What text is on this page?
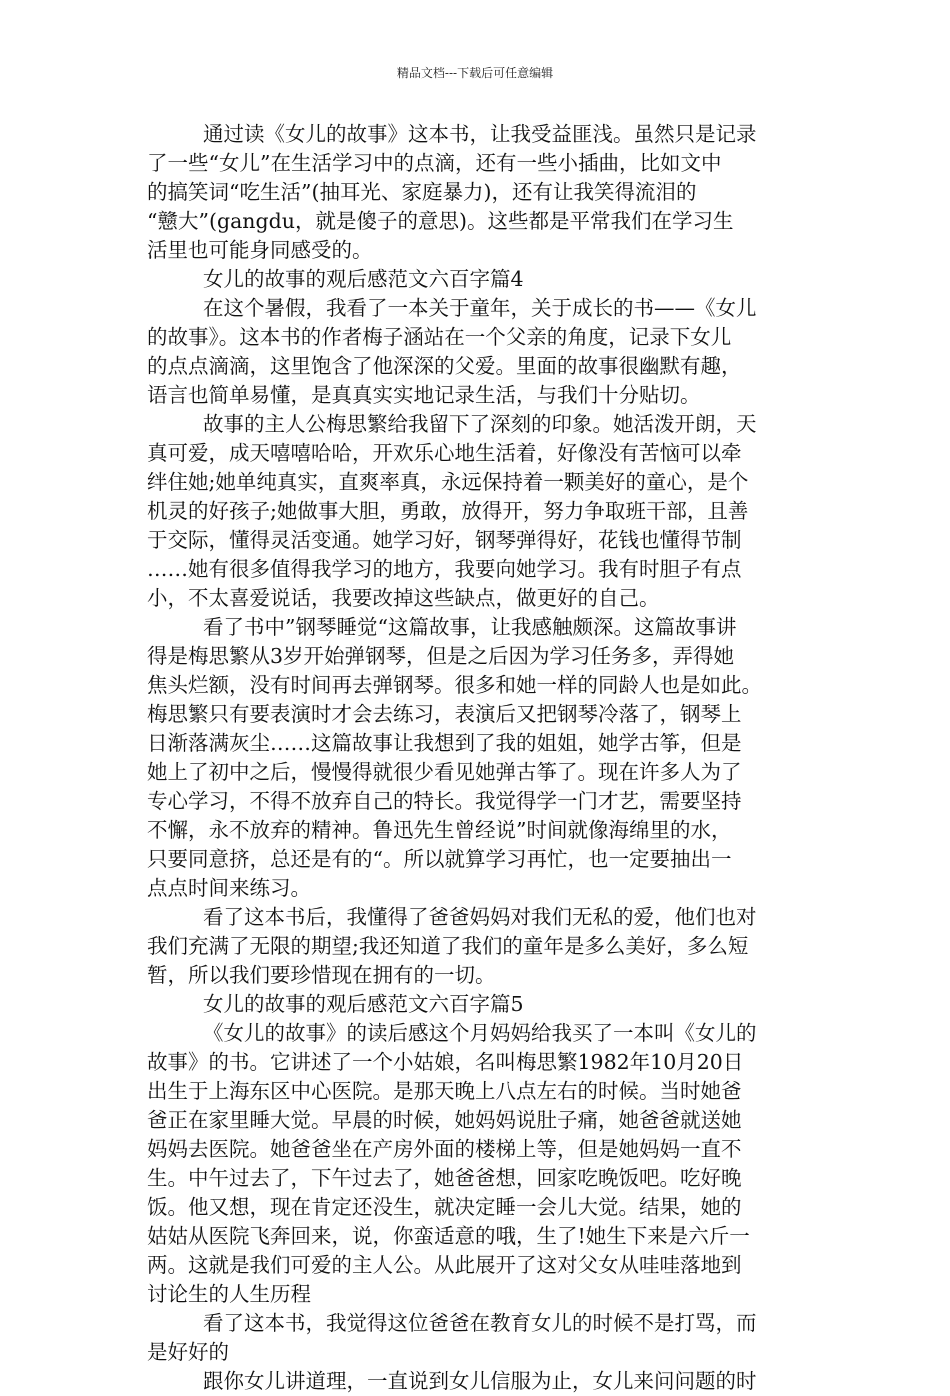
精品文档---下载后可任意编辑
通过读《女儿的故事》这本书，让我受益匪浅。虽然只是记录
了一些“女儿”在生活学习中的点滴，还有一些小插曲，比如文中
的搞笑词“吃生活”(抽耳光、家庭暴力)，还有让我笑得流泪的
“戆大”(gangdu，就是傻子的意思)。这些都是平常我们在学习生
活里也可能身同感受的。
女儿的故事的观后感范文六百字篇4
在这个暑假，我看了一本关于童年，关于成长的书——《女儿
的故事》。这本书的作者梅子涵站在一个父亲的角度，记录下女儿
的点点滴滴，这里饱含了他深深的父爱。里面的故事很幽默有趣，
语言也简单易懂，是真真实实地记录生活，与我们十分贴切。
故事的主人公梅思繁给我留下了深刻的印象。她活泼开朗，天
真可爱，成天嘻嘻哈哈，开欢乐心地生活着，好像没有苦恼可以牵
绊住她;她单纯真实，直爽率真，永远保持着一颗美好的童心，是个
机灵的好孩子;她做事大胆，勇敢，放得开，努力争取班干部，且善
于交际，懂得灵活变通。她学习好，钢琴弹得好，花钱也懂得节制
……她有很多值得我学习的地方，我要向她学习。我有时胆子有点
小，不太喜爱说话，我要改掉这些缺点，做更好的自己。
看了书中”钢琴睡觉“这篇故事，让我感触颇深。这篇故事讲
得是梅思繁从3岁开始弹钢琴，但是之后因为学习任务多，弄得她
焦头烂额，没有时间再去弹钢琴。很多和她一样的同龄人也是如此。
梅思繁只有要表演时才会去练习，表演后又把钢琴冷落了，钢琴上
日渐落满灰尘……这篇故事让我想到了我的姐姐，她学古筝，但是
她上了初中之后，慢慢得就很少看见她弹古筝了。现在许多人为了
专心学习，不得不放弃自己的特长。我觉得学一门才艺，需要坚持
不懈，永不放弃的精神。鲁迅先生曾经说”时间就像海绵里的水，
只要同意挤，总还是有的“。所以就算学习再忙，也一定要抽出一
点点时间来练习。
看了这本书后，我懂得了爸爸妈妈对我们无私的爱，他们也对
我们充满了无限的期望;我还知道了我们的童年是多么美好，多么短
暂，所以我们要珍惜现在拥有的一切。
女儿的故事的观后感范文六百字篇5
《女儿的故事》的读后感这个月妈妈给我买了一本叫《女儿的
故事》的书。它讲述了一个小姑娘，名叫梅思繁1982年10月20日
出生于上海东区中心医院。是那天晚上八点左右的时候。当时她爸
爸正在家里睡大觉。早晨的时候，她妈妈说肚子痛，她爸爸就送她
妈妈去医院。她爸爸坐在产房外面的楼梯上等，但是她妈妈一直不
生。中午过去了，下午过去了，她爸爸想，回家吃晚饭吧。吃好晚
饭。他又想，现在肯定还没生，就决定睡一会儿大觉。结果，她的
姑姑从医院飞奔回来，说，你蛮适意的哦，生了!她生下来是六斤一
两。这就是我们可爱的主人公。从此展开了这对父女从哇哇落地到
讨论生的人生历程
看了这本书，我觉得这位爸爸在教育女儿的时候不是打骂，而
是好好的
跟你女儿讲道理，一直说到女儿信服为止，女儿来问问题的时
